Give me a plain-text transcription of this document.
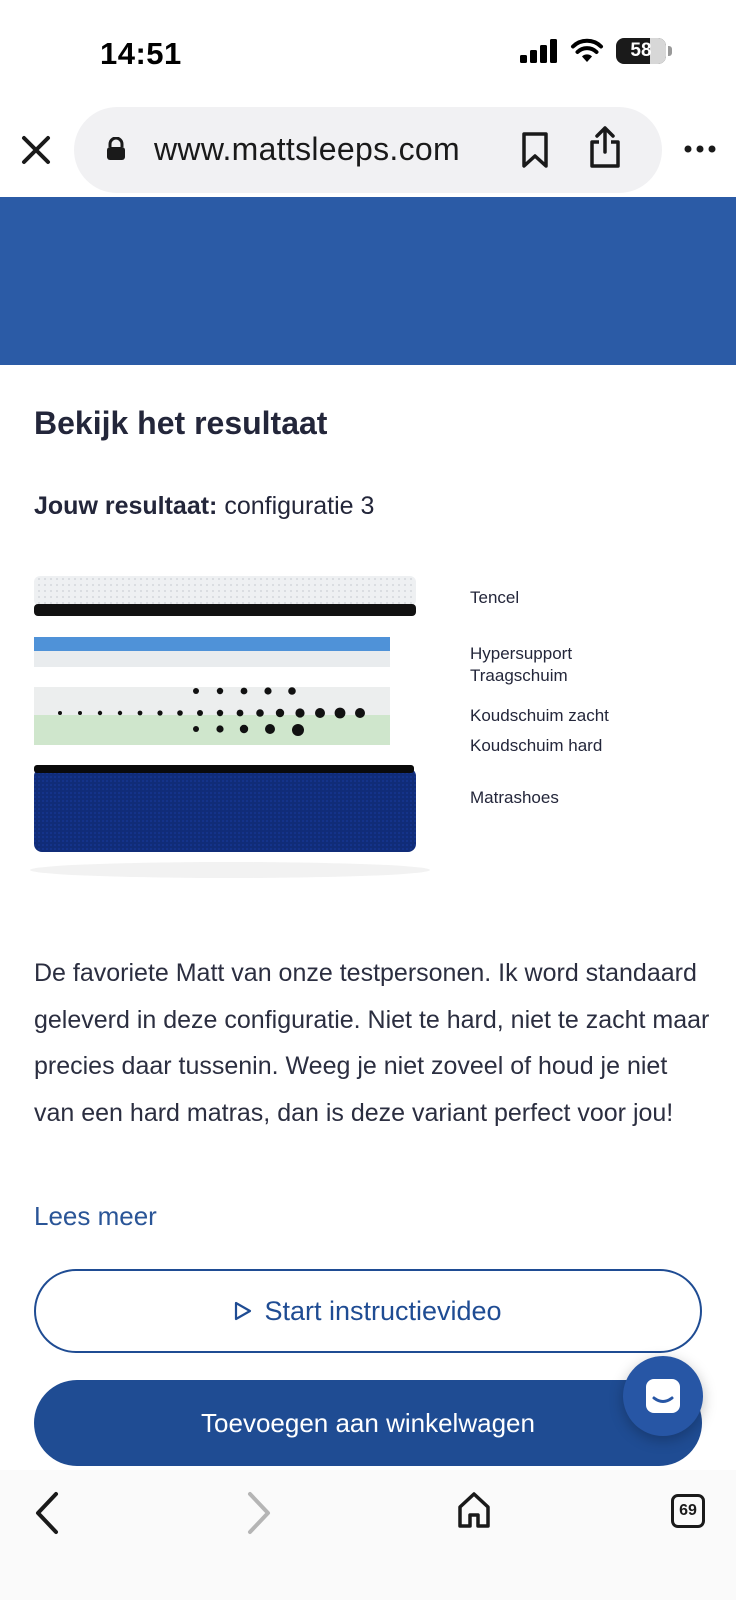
14:51	58
www.mattsleeps.com
Bekijk het resultaat
Jouw resultaat: configuratie 3
Tencel
Hypersupport
Traagschuim
Koudschuim zacht
Koudschuim hard
Matrashoes

De favoriete Matt van onze testpersonen. Ik word standaard geleverd in deze configuratie. Niet te hard, niet te zacht maar precies daar tussenin. Weeg je niet zoveel of houd je niet van een hard matras, dan is deze variant perfect voor jou!

Lees meer
Start instructievideo
Toevoegen aan winkelwagen
69
